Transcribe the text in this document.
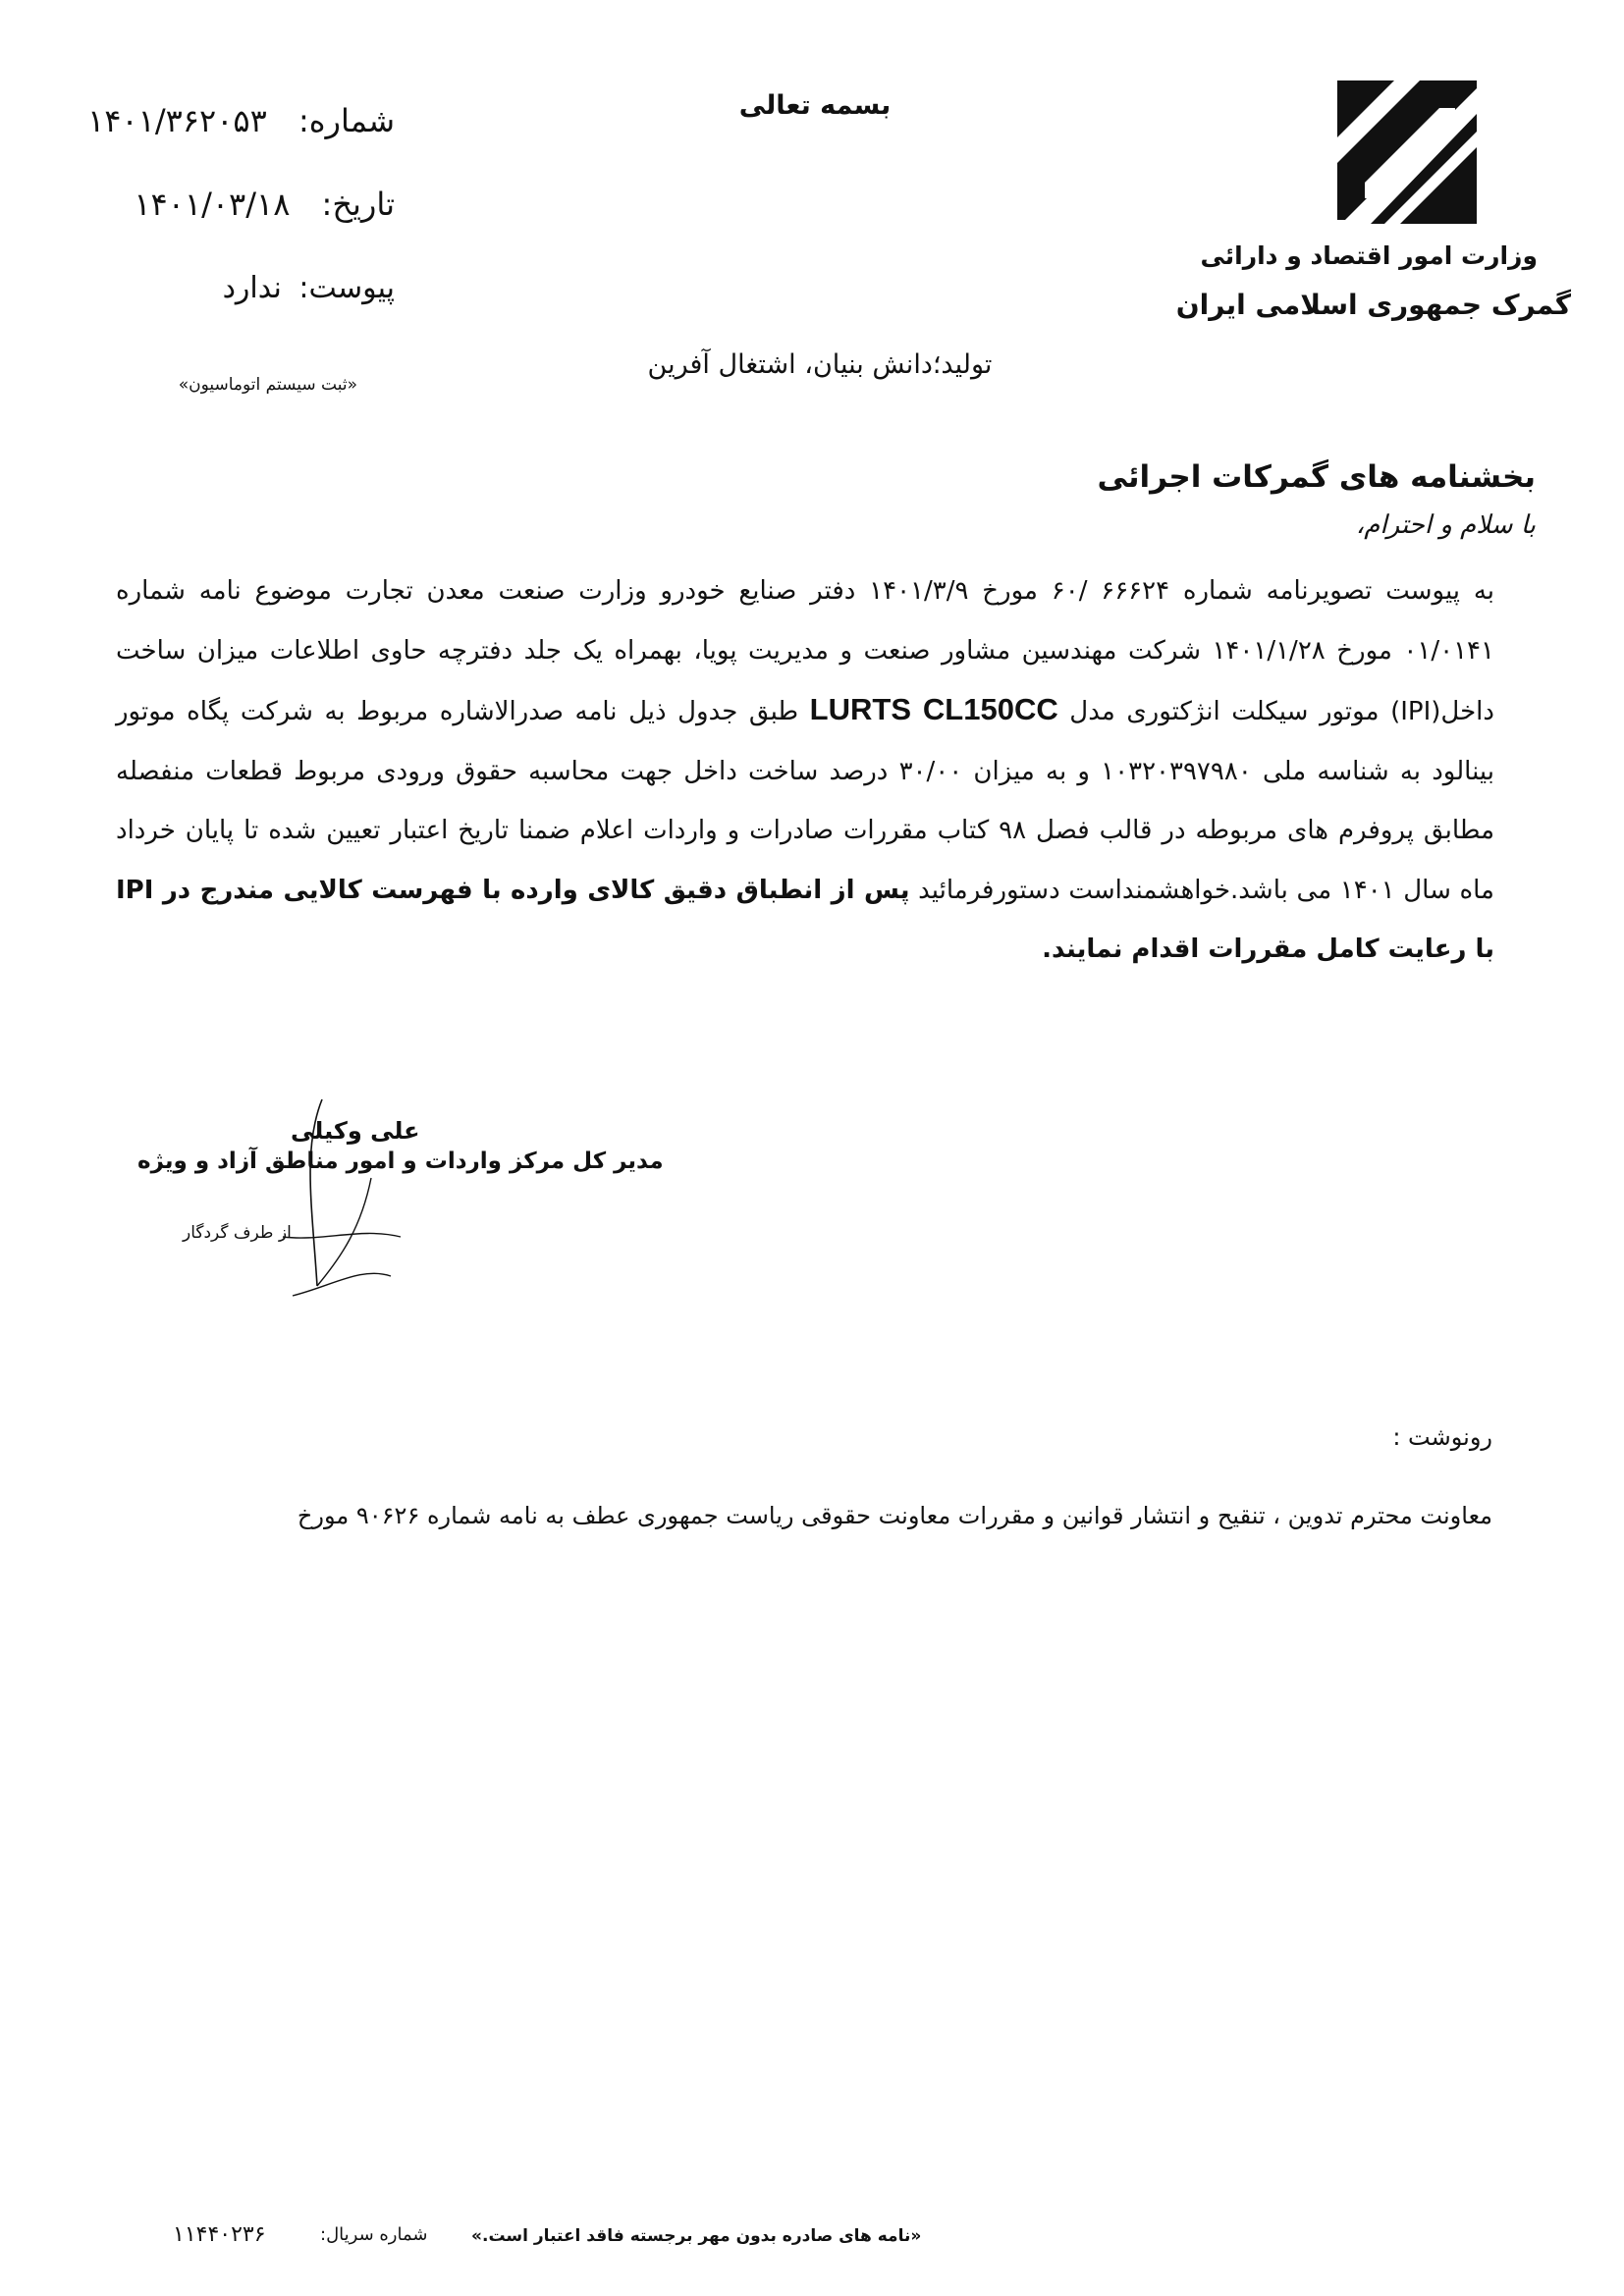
وزارت امور اقتصاد و دارائی
گمرک جمهوری اسلامی ایران
بسمه تعالی
تولید؛دانش بنیان، اشتغال آفرین
شماره: ۱۴۰۱/۳۶۲۰۵۳
تاریخ: ۱۴۰۱/۰۳/۱۸
پیوست: ندارد
«ثبت سیستم اتوماسیون»
بخشنامه های گمرکات اجرائی
با سلام و احترام،
به پیوست تصویرنامه شماره ۶۶۶۲۴ /۶۰ مورخ ۱۴۰۱/۳/۹ دفتر صنایع خودرو وزارت صنعت معدن تجارت موضوع نامه شماره ۰۱/۰۱۴۱ مورخ ۱۴۰۱/۱/۲۸ شرکت مهندسین مشاور صنعت و مدیریت پویا، بهمراه یک جلد دفترچه حاوی اطلاعات میزان ساخت داخل(IPI) موتور سیکلت انژکتوری مدل LURTS CL150CC طبق جدول ذیل نامه صدرالاشاره مربوط به شرکت پگاه موتور بینالود به شناسه ملی ۱۰۳۲۰۳۹۷۹۸۰ و به میزان ۳۰/۰۰ درصد ساخت داخل جهت محاسبه حقوق ورودی مربوط قطعات منفصله مطابق پروفرم های مربوطه در قالب فصل ۹۸ کتاب مقررات صادرات و واردات اعلام ضمنا تاریخ اعتبار تعیین شده تا پایان خرداد ماه سال ۱۴۰۱ می باشد.خواهشمنداست دستورفرمائید پس از انطباق دقیق کالای وارده با فهرست کالایی مندرج در IPI با رعایت کامل مقررات اقدام نمایند.
علی وکیلی
مدیر کل مرکز واردات و امور مناطق آزاد و ویژه
از طرف گردگار
رونوشت :
معاونت محترم تدوین ، تنقیح و انتشار قوانین و مقررات معاونت حقوقی ریاست جمهوری عطف به نامه شماره ۹۰۶۲۶ مورخ
«نامه های صادره بدون مهر برجسته فاقد اعتبار است.»
شماره سریال:
۱۱۴۴۰۲۳۶
